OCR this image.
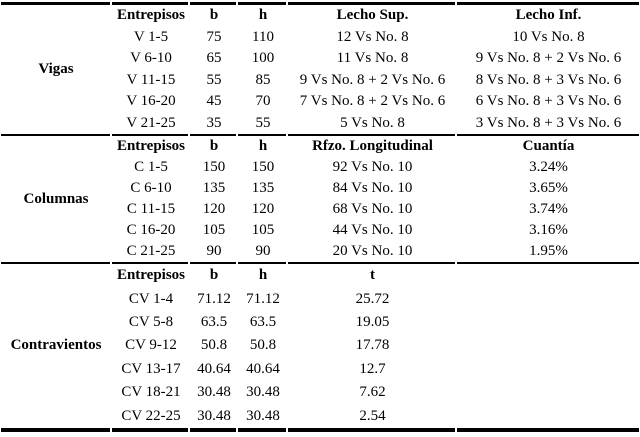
Vigas
Entrepisos	b	h	Lecho Sup.	Lecho Inf.
V 1-5	75	110	12 Vs No. 8	10 Vs No. 8
V 6-10	65	100	11 Vs No. 8	9 Vs No. 8 + 2 Vs No. 6
V 11-15	55	85	9 Vs No. 8 + 2 Vs No. 6	8 Vs No. 8 + 3 Vs No. 6
V 16-20	45	70	7 Vs No. 8 + 2 Vs No. 6	6 Vs No. 8 + 3 Vs No. 6
V 21-25	35	55	5 Vs No. 8	3 Vs No. 8 + 3 Vs No. 6
Columnas
Entrepisos	b	h	Rfzo. Longitudinal	Cuantía
C 1-5	150	150	92 Vs No. 10	3.24%
C 6-10	135	135	84 Vs No. 10	3.65%
C 11-15	120	120	68 Vs No. 10	3.74%
C 16-20	105	105	44 Vs No. 10	3.16%
C 21-25	90	90	20 Vs No. 10	1.95%
Contravientos
Entrepisos	b	h	t
CV 1-4	71.12	71.12	25.72
CV 5-8	63.5	63.5	19.05
CV 9-12	50.8	50.8	17.78
CV 13-17	40.64	40.64	12.7
CV 18-21	30.48	30.48	7.62
CV 22-25	30.48	30.48	2.54
